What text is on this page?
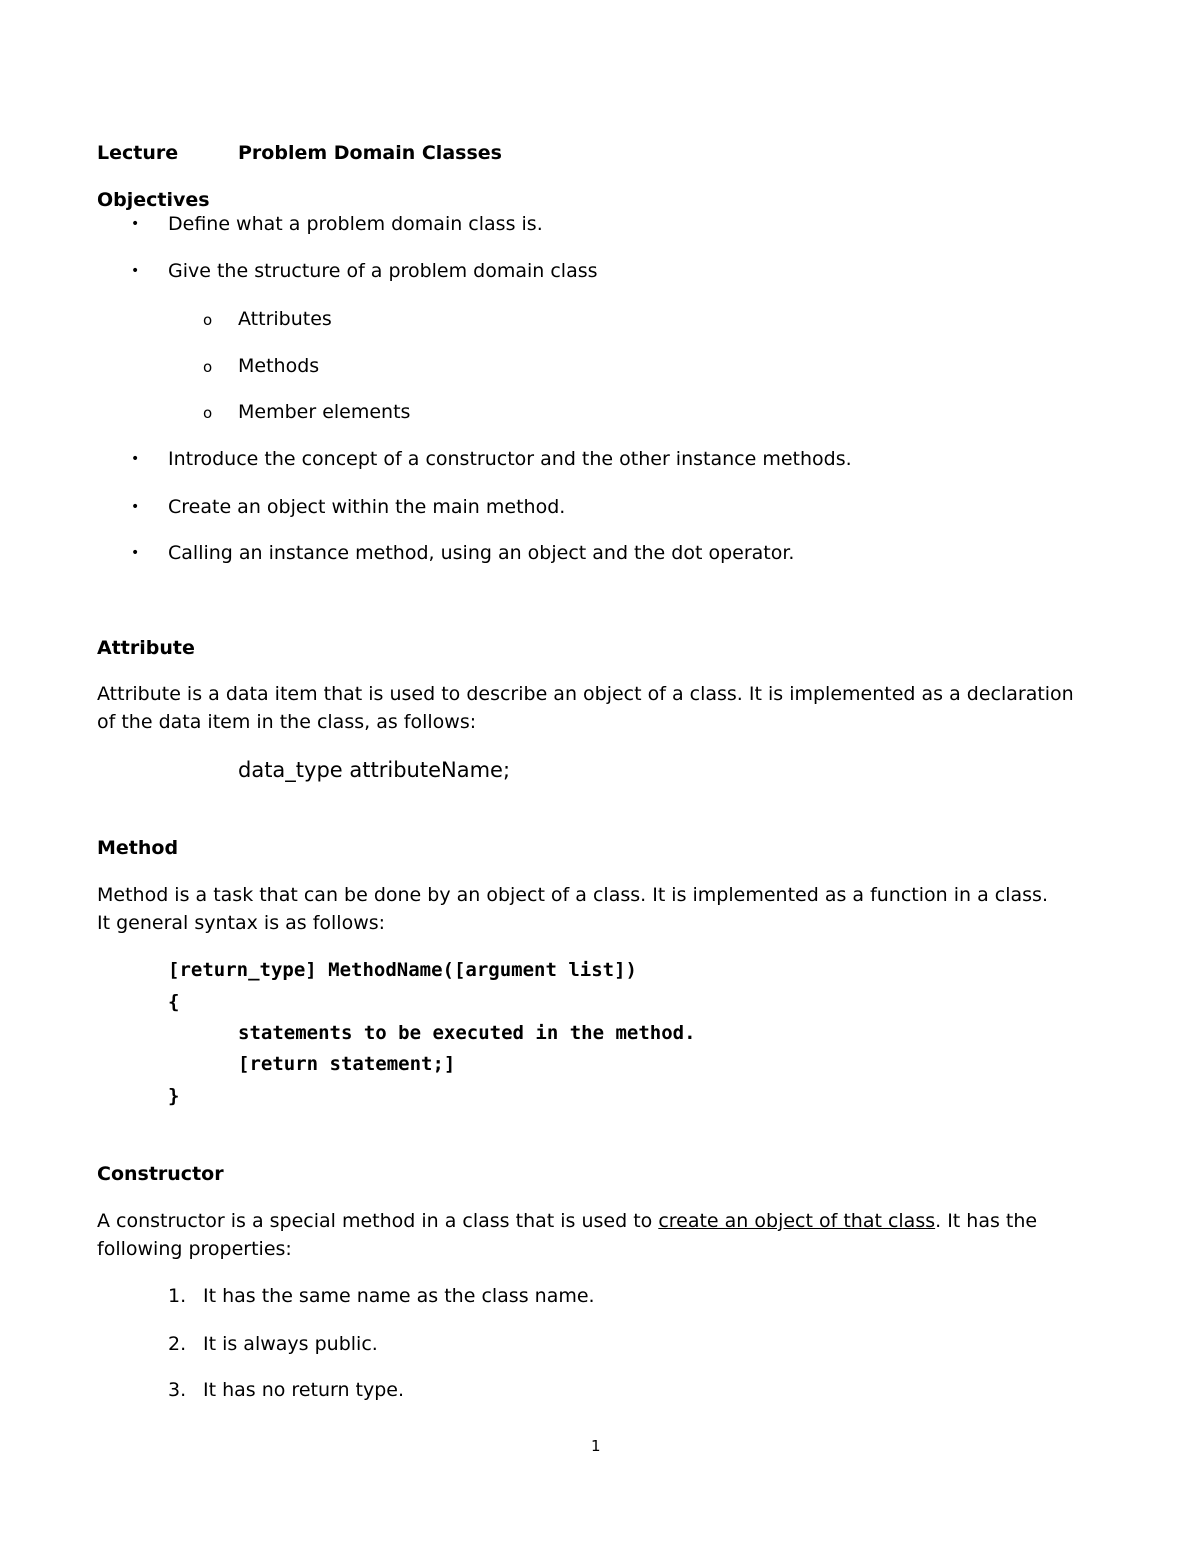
Lecture	Problem Domain Classes
Objectives
• Define what a problem domain class is.
• Give the structure of a problem domain class
o Attributes
o Methods
o Member elements
• Introduce the concept of a constructor and the other instance methods.
• Create an object within the main method.
• Calling an instance method, using an object and the dot operator.
Attribute
Attribute is a data item that is used to describe an object of a class. It is implemented as a declaration
of the data item in the class, as follows:
data_type attributeName;
Method
Method is a task that can be done by an object of a class. It is implemented as a function in a class.
It general syntax is as follows:
[return_type] MethodName([argument list])
{
statements to be executed in the method.
[return statement;]
}
Constructor
A constructor is a special method in a class that is used to create an object of that class. It has the
following properties:
1. It has the same name as the class name.
2. It is always public.
3. It has no return type.
1
